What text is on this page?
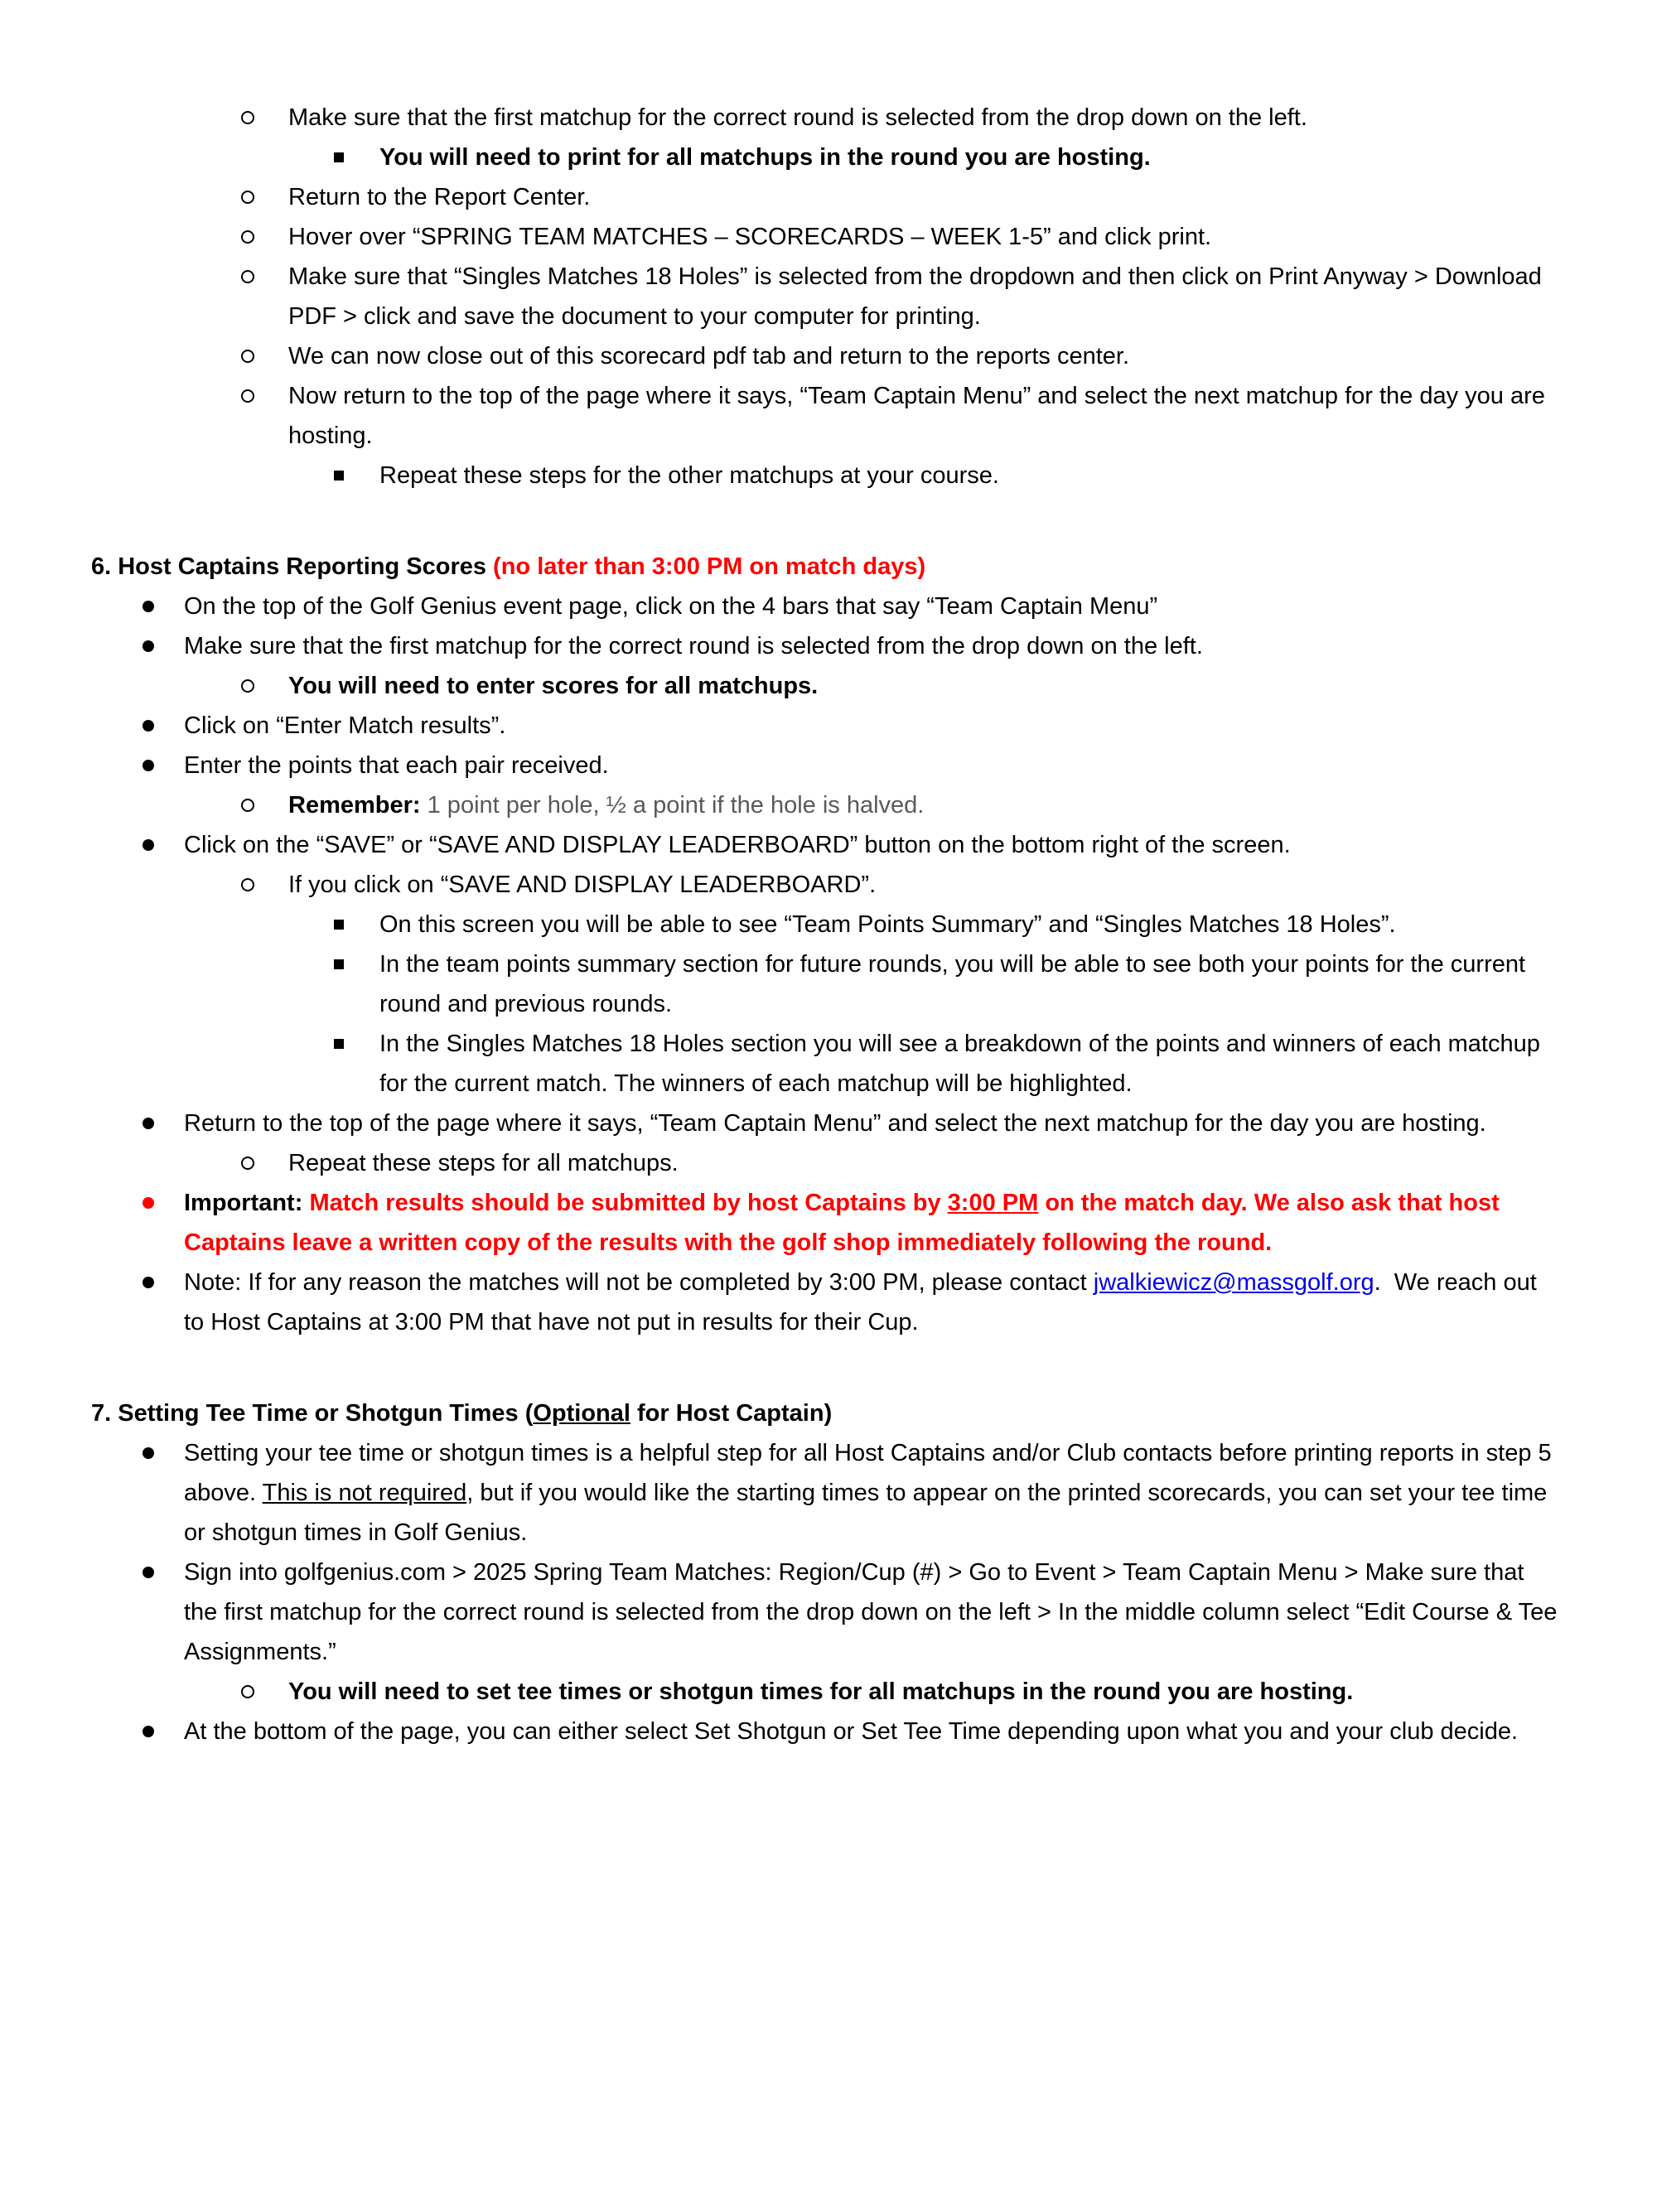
Make sure that the first matchup for the correct round is selected from the drop down on the left.
You will need to print for all matchups in the round you are hosting.
Return to the Report Center.
Hover over “SPRING TEAM MATCHES – SCORECARDS – WEEK 1-5” and click print.
Make sure that “Singles Matches 18 Holes” is selected from the dropdown and then click on Print Anyway > Download PDF > click and save the document to your computer for printing.
We can now close out of this scorecard pdf tab and return to the reports center.
Now return to the top of the page where it says, “Team Captain Menu” and select the next matchup for the day you are hosting.
Repeat these steps for the other matchups at your course.
6. Host Captains Reporting Scores (no later than 3:00 PM on match days)
On the top of the Golf Genius event page, click on the 4 bars that say “Team Captain Menu”
Make sure that the first matchup for the correct round is selected from the drop down on the left.
You will need to enter scores for all matchups.
Click on “Enter Match results”.
Enter the points that each pair received.
Remember: 1 point per hole, ½ a point if the hole is halved.
Click on the “SAVE” or “SAVE AND DISPLAY LEADERBOARD” button on the bottom right of the screen.
If you click on “SAVE AND DISPLAY LEADERBOARD”.
On this screen you will be able to see “Team Points Summary” and “Singles Matches 18 Holes”.
In the team points summary section for future rounds, you will be able to see both your points for the current round and previous rounds.
In the Singles Matches 18 Holes section you will see a breakdown of the points and winners of each matchup for the current match. The winners of each matchup will be highlighted.
Return to the top of the page where it says, “Team Captain Menu” and select the next matchup for the day you are hosting.
Repeat these steps for all matchups.
Important: Match results should be submitted by host Captains by 3:00 PM on the match day. We also ask that host Captains leave a written copy of the results with the golf shop immediately following the round.
Note: If for any reason the matches will not be completed by 3:00 PM, please contact jwalkiewicz@massgolf.org.  We reach out to Host Captains at 3:00 PM that have not put in results for their Cup.
7. Setting Tee Time or Shotgun Times (Optional for Host Captain)
Setting your tee time or shotgun times is a helpful step for all Host Captains and/or Club contacts before printing reports in step 5 above. This is not required, but if you would like the starting times to appear on the printed scorecards, you can set your tee time or shotgun times in Golf Genius.
Sign into golfgenius.com > 2025 Spring Team Matches: Region/Cup (#) > Go to Event > Team Captain Menu > Make sure that the first matchup for the correct round is selected from the drop down on the left > In the middle column select “Edit Course & Tee Assignments.”
You will need to set tee times or shotgun times for all matchups in the round you are hosting.
At the bottom of the page, you can either select Set Shotgun or Set Tee Time depending upon what you and your club decide.
